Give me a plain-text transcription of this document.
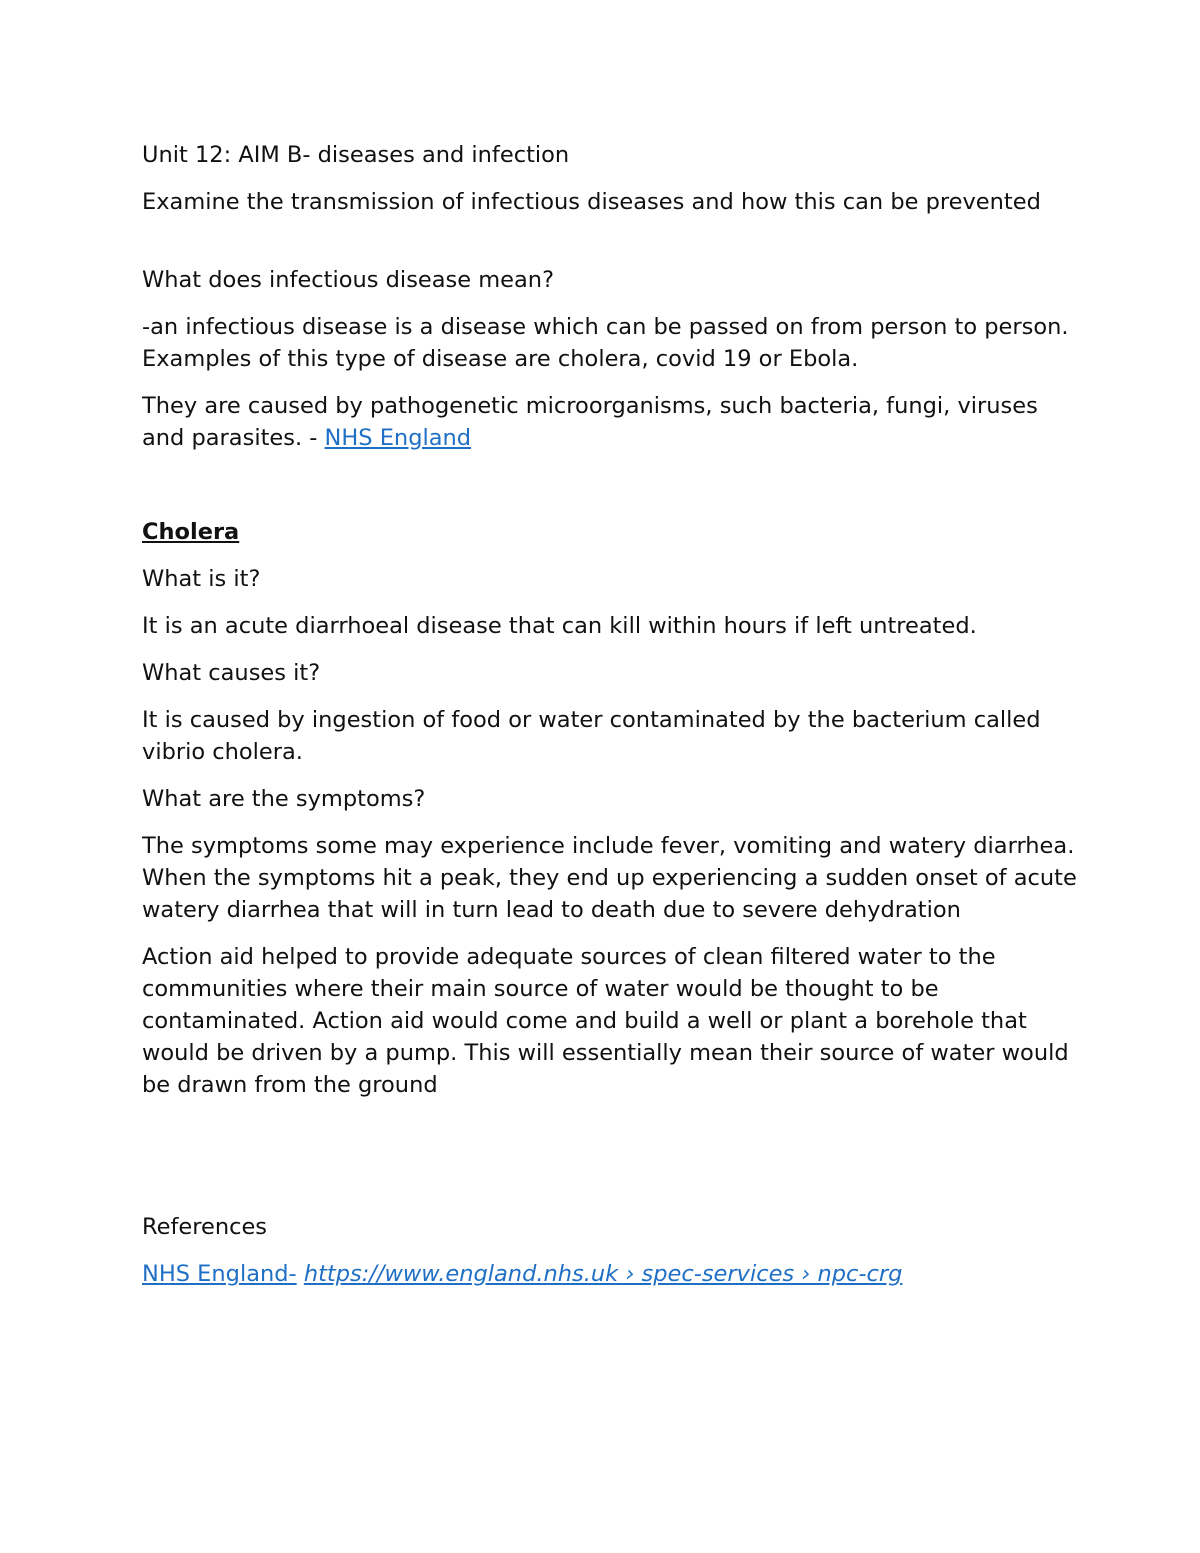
Unit 12: AIM B- diseases and infection

Examine the transmission of infectious diseases and how this can be prevented

What does infectious disease mean?

-an infectious disease is a disease which can be passed on from person to person. Examples of this type of disease are cholera, covid 19 or Ebola.

They are caused by pathogenetic microorganisms, such bacteria, fungi, viruses and parasites. - NHS England

Cholera

What is it?

It is an acute diarrhoeal disease that can kill within hours if left untreated.

What causes it?

It is caused by ingestion of food or water contaminated by the bacterium called vibrio cholera.

What are the symptoms?

The symptoms some may experience include fever, vomiting and watery diarrhea. When the symptoms hit a peak, they end up experiencing a sudden onset of acute watery diarrhea that will in turn lead to death due to severe dehydration

Action aid helped to provide adequate sources of clean filtered water to the communities where their main source of water would be thought to be contaminated. Action aid would come and build a well or plant a borehole that would be driven by a pump. This will essentially mean their source of water would be drawn from the ground

References

NHS England- https://www.england.nhs.uk › spec-services › npc-crg
